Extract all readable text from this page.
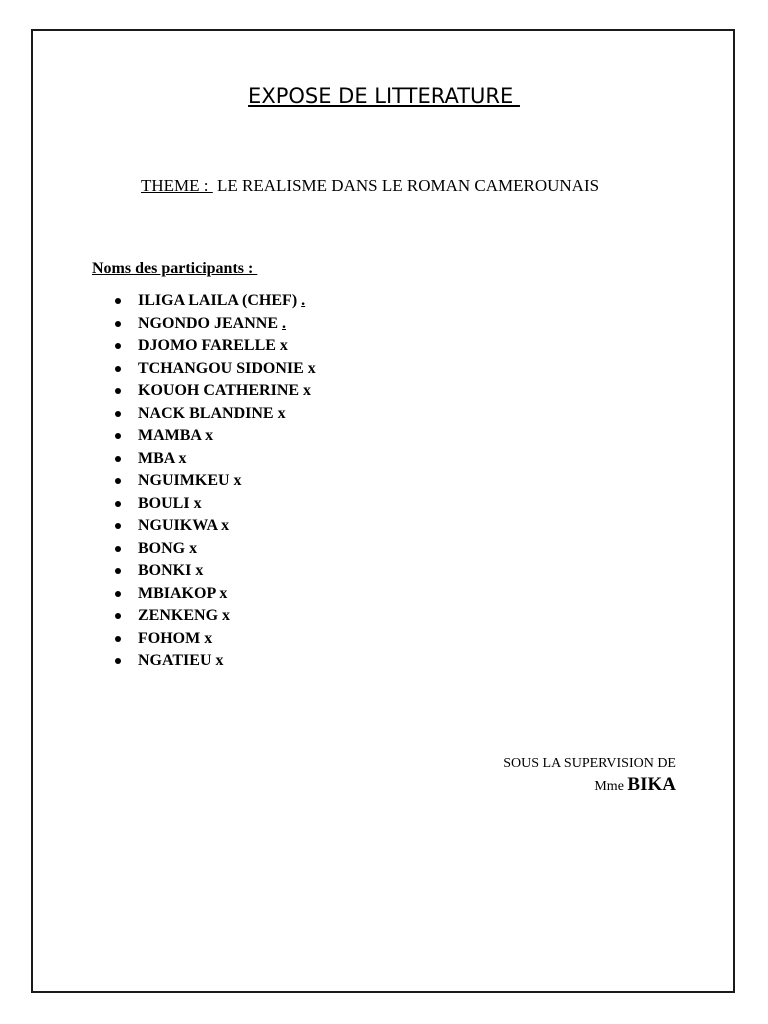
EXPOSE DE LITTERATURE
THEME :  LE REALISME DANS LE ROMAN CAMEROUNAIS
Noms des participants :
ILIGA LAILA (CHEF) .
NGONDO JEANNE .
DJOMO FARELLE x
TCHANGOU SIDONIE x
KOUOH CATHERINE x
NACK BLANDINE x
MAMBA x
MBA x
NGUIMKEU x
BOULI x
NGUIKWA x
BONG x
BONKI x
MBIAKOP x
ZENKENG x
FOHOM x
NGATIEU x
SOUS LA SUPERVISION DE
Mme BIKA
